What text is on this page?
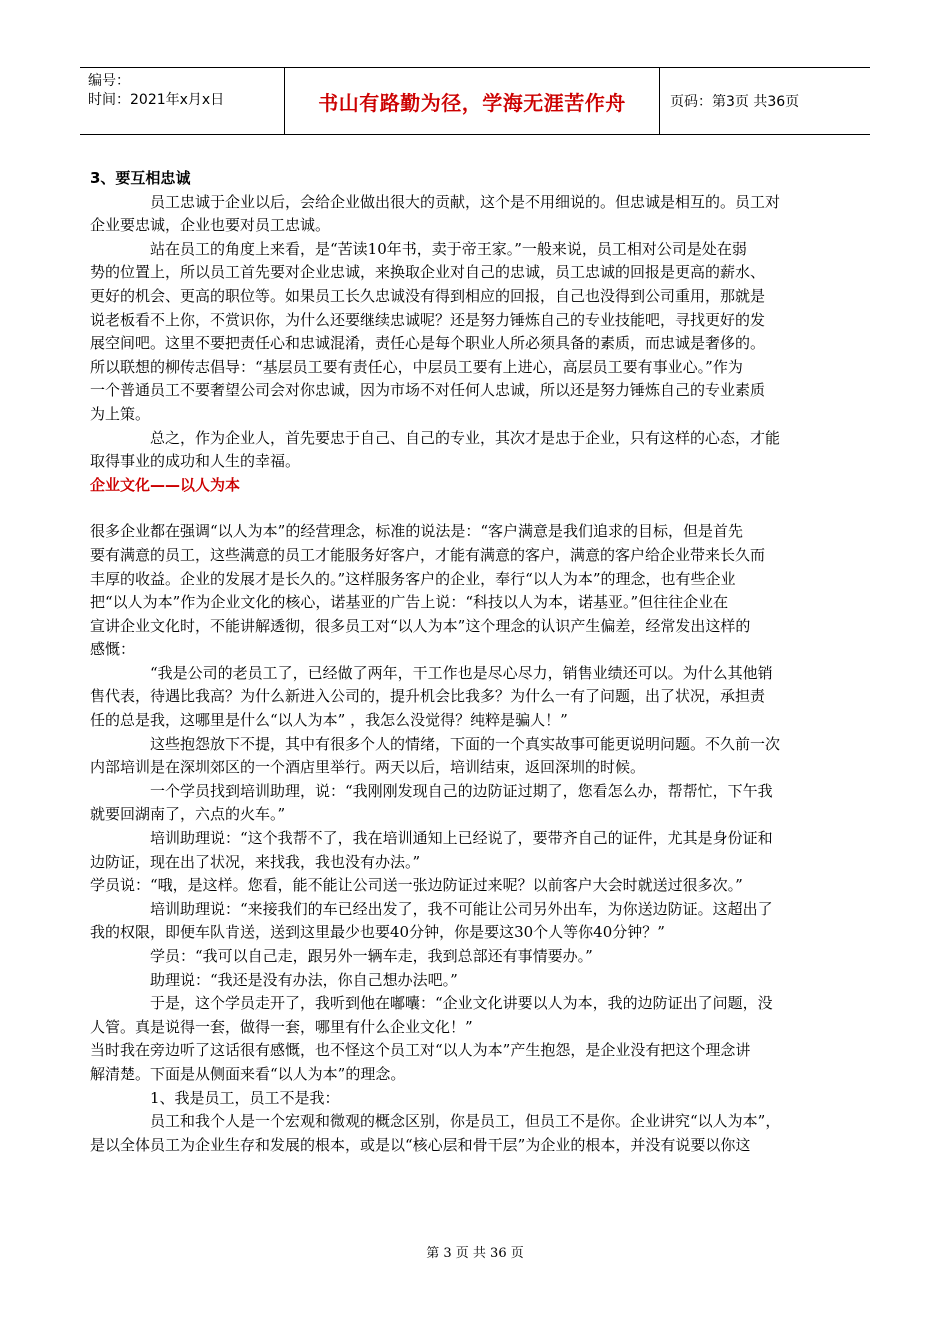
编号：
时间：2021年x月x日	书山有路勤为径，学海无涯苦作舟	页码：第3页 共36页

3、要互相忠诚

员工忠诚于企业以后，会给企业做出很大的贡献，这个是不用细说的。但忠诚是相互的。员工对

企业要忠诚，企业也要对员工忠诚。

站在员工的角度上来看，是“苦读10年书，卖于帝王家。”一般来说，员工相对公司是处在弱

势的位置上，所以员工首先要对企业忠诚，来换取企业对自己的忠诚，员工忠诚的回报是更高的薪水、

更好的机会、更高的职位等。如果员工长久忠诚没有得到相应的回报，自己也没得到公司重用，那就是

说老板看不上你，不赏识你，为什么还要继续忠诚呢？还是努力锤炼自己的专业技能吧，寻找更好的发

展空间吧。这里不要把责任心和忠诚混淆，责任心是每个职业人所必须具备的素质，而忠诚是奢侈的。

所以联想的柳传志倡导：“基层员工要有责任心，中层员工要有上进心，高层员工要有事业心。”作为

一个普通员工不要奢望公司会对你忠诚，因为市场不对任何人忠诚，所以还是努力锤炼自己的专业素质

为上策。

总之，作为企业人，首先要忠于自己、自己的专业，其次才是忠于企业，只有这样的心态，才能

取得事业的成功和人生的幸福。

企业文化——以人为本

很多企业都在强调“以人为本”的经营理念，标准的说法是：“客户满意是我们追求的目标，但是首先

要有满意的员工，这些满意的员工才能服务好客户，才能有满意的客户，满意的客户给企业带来长久而

丰厚的收益。企业的发展才是长久的。”这样服务客户的企业，奉行“以人为本”的理念，也有些企业

把“以人为本”作为企业文化的核心，诺基亚的广告上说：“科技以人为本，诺基亚。”但往往企业在

宣讲企业文化时，不能讲解透彻，很多员工对“以人为本”这个理念的认识产生偏差，经常发出这样的

感慨：

“我是公司的老员工了，已经做了两年，干工作也是尽心尽力，销售业绩还可以。为什么其他销

售代表，待遇比我高？为什么新进入公司的，提升机会比我多？为什么一有了问题，出了状况，承担责

任的总是我，这哪里是什么“以人为本” ，我怎么没觉得？纯粹是骗人！”

这些抱怨放下不提，其中有很多个人的情绪，下面的一个真实故事可能更说明问题。不久前一次

内部培训是在深圳郊区的一个酒店里举行。两天以后，培训结束，返回深圳的时候。

一个学员找到培训助理，说：“我刚刚发现自己的边防证过期了，您看怎么办，帮帮忙，下午我

就要回湖南了，六点的火车。”

培训助理说：“这个我帮不了，我在培训通知上已经说了，要带齐自己的证件，尤其是身份证和

边防证，现在出了状况，来找我，我也没有办法。”

学员说：“哦，是这样。您看，能不能让公司送一张边防证过来呢？以前客户大会时就送过很多次。”

培训助理说：“来接我们的车已经出发了，我不可能让公司另外出车，为你送边防证。这超出了

我的权限，即便车队肯送，送到这里最少也要40分钟，你是要这30个人等你40分钟？”

学员：“我可以自己走，跟另外一辆车走，我到总部还有事情要办。”

助理说：“我还是没有办法，你自己想办法吧。”

于是，这个学员走开了，我听到他在嘟囔：“企业文化讲要以人为本，我的边防证出了问题，没

人管。真是说得一套，做得一套，哪里有什么企业文化！”

当时我在旁边听了这话很有感慨，也不怪这个员工对“以人为本”产生抱怨，是企业没有把这个理念讲

解清楚。下面是从侧面来看“以人为本”的理念。

1、我是员工，员工不是我：

员工和我个人是一个宏观和微观的概念区别，你是员工，但员工不是你。企业讲究“以人为本”，

是以全体员工为企业生存和发展的根本，或是以“核心层和骨干层”为企业的根本，并没有说要以你这

第 3 页 共 36 页
